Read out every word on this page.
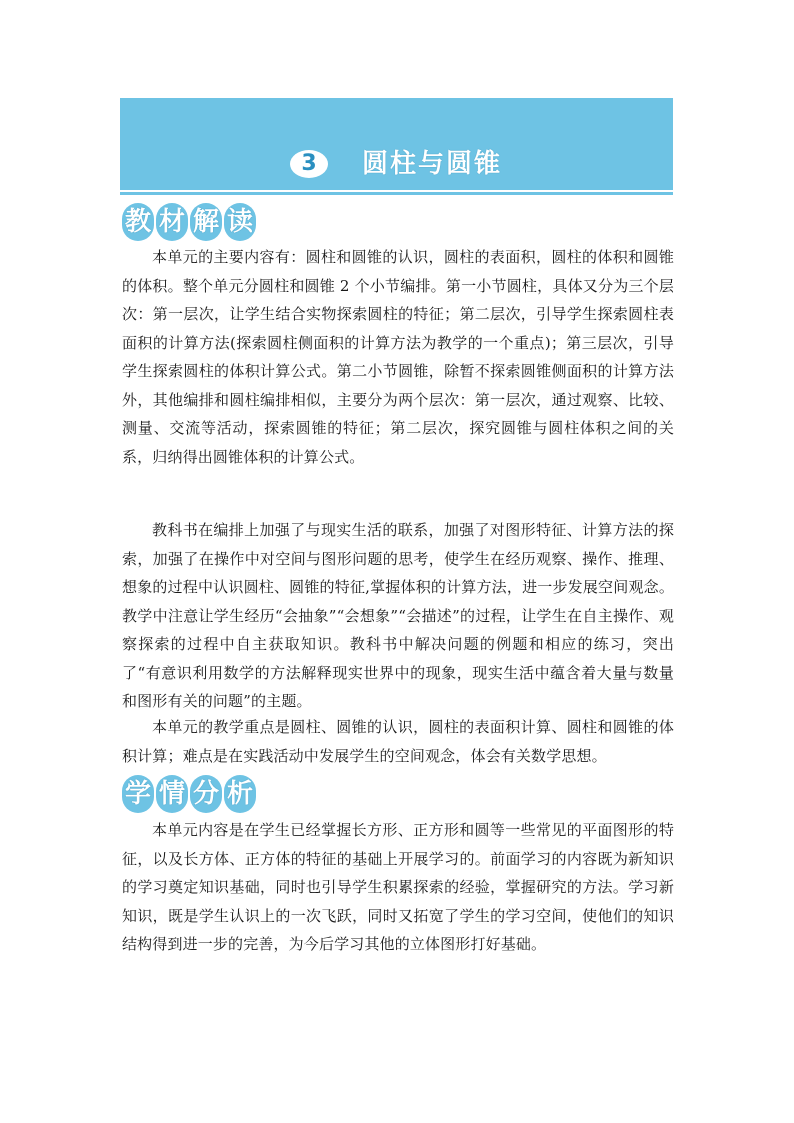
3	圆柱与圆锥
教 材 解 读

本单元的主要内容有：圆柱和圆锥的认识，圆柱的表面积，圆柱的体积和圆锥的体积。整个单元分圆柱和圆锥 2 个小节编排。第一小节圆柱，具体又分为三个层次：第一层次，让学生结合实物探索圆柱的特征；第二层次，引导学生探索圆柱表面积的计算方法(探索圆柱侧面积的计算方法为教学的一个重点)；第三层次，引导学生探索圆柱的体积计算公式。第二小节圆锥，除暂不探索圆锥侧面积的计算方法外，其他编排和圆柱编排相似，主要分为两个层次：第一层次，通过观察、比较、测量、交流等活动，探索圆锥的特征；第二层次，探究圆锥与圆柱体积之间的关系，归纳得出圆锥体积的计算公式。

教科书在编排上加强了与现实生活的联系，加强了对图形特征、计算方法的探索，加强了在操作中对空间与图形问题的思考，使学生在经历观察、操作、推理、想象的过程中认识圆柱、圆锥的特征,掌握体积的计算方法，进一步发展空间观念。教学中注意让学生经历“会抽象”“会想象”“会描述”的过程，让学生在自主操作、观察探索的过程中自主获取知识。教科书中解决问题的例题和相应的练习，突出了“有意识利用数学的方法解释现实世界中的现象，现实生活中蕴含着大量与数量和图形有关的问题”的主题。

本单元的教学重点是圆柱、圆锥的认识，圆柱的表面积计算、圆柱和圆锥的体积计算；难点是在实践活动中发展学生的空间观念，体会有关数学思想。

学 情 分 析

本单元内容是在学生已经掌握长方形、正方形和圆等一些常见的平面图形的特征，以及长方体、正方体的特征的基础上开展学习的。前面学习的内容既为新知识的学习奠定知识基础，同时也引导学生积累探索的经验，掌握研究的方法。学习新知识，既是学生认识上的一次飞跃，同时又拓宽了学生的学习空间，使他们的知识结构得到进一步的完善，为今后学习其他的立体图形打好基础。
